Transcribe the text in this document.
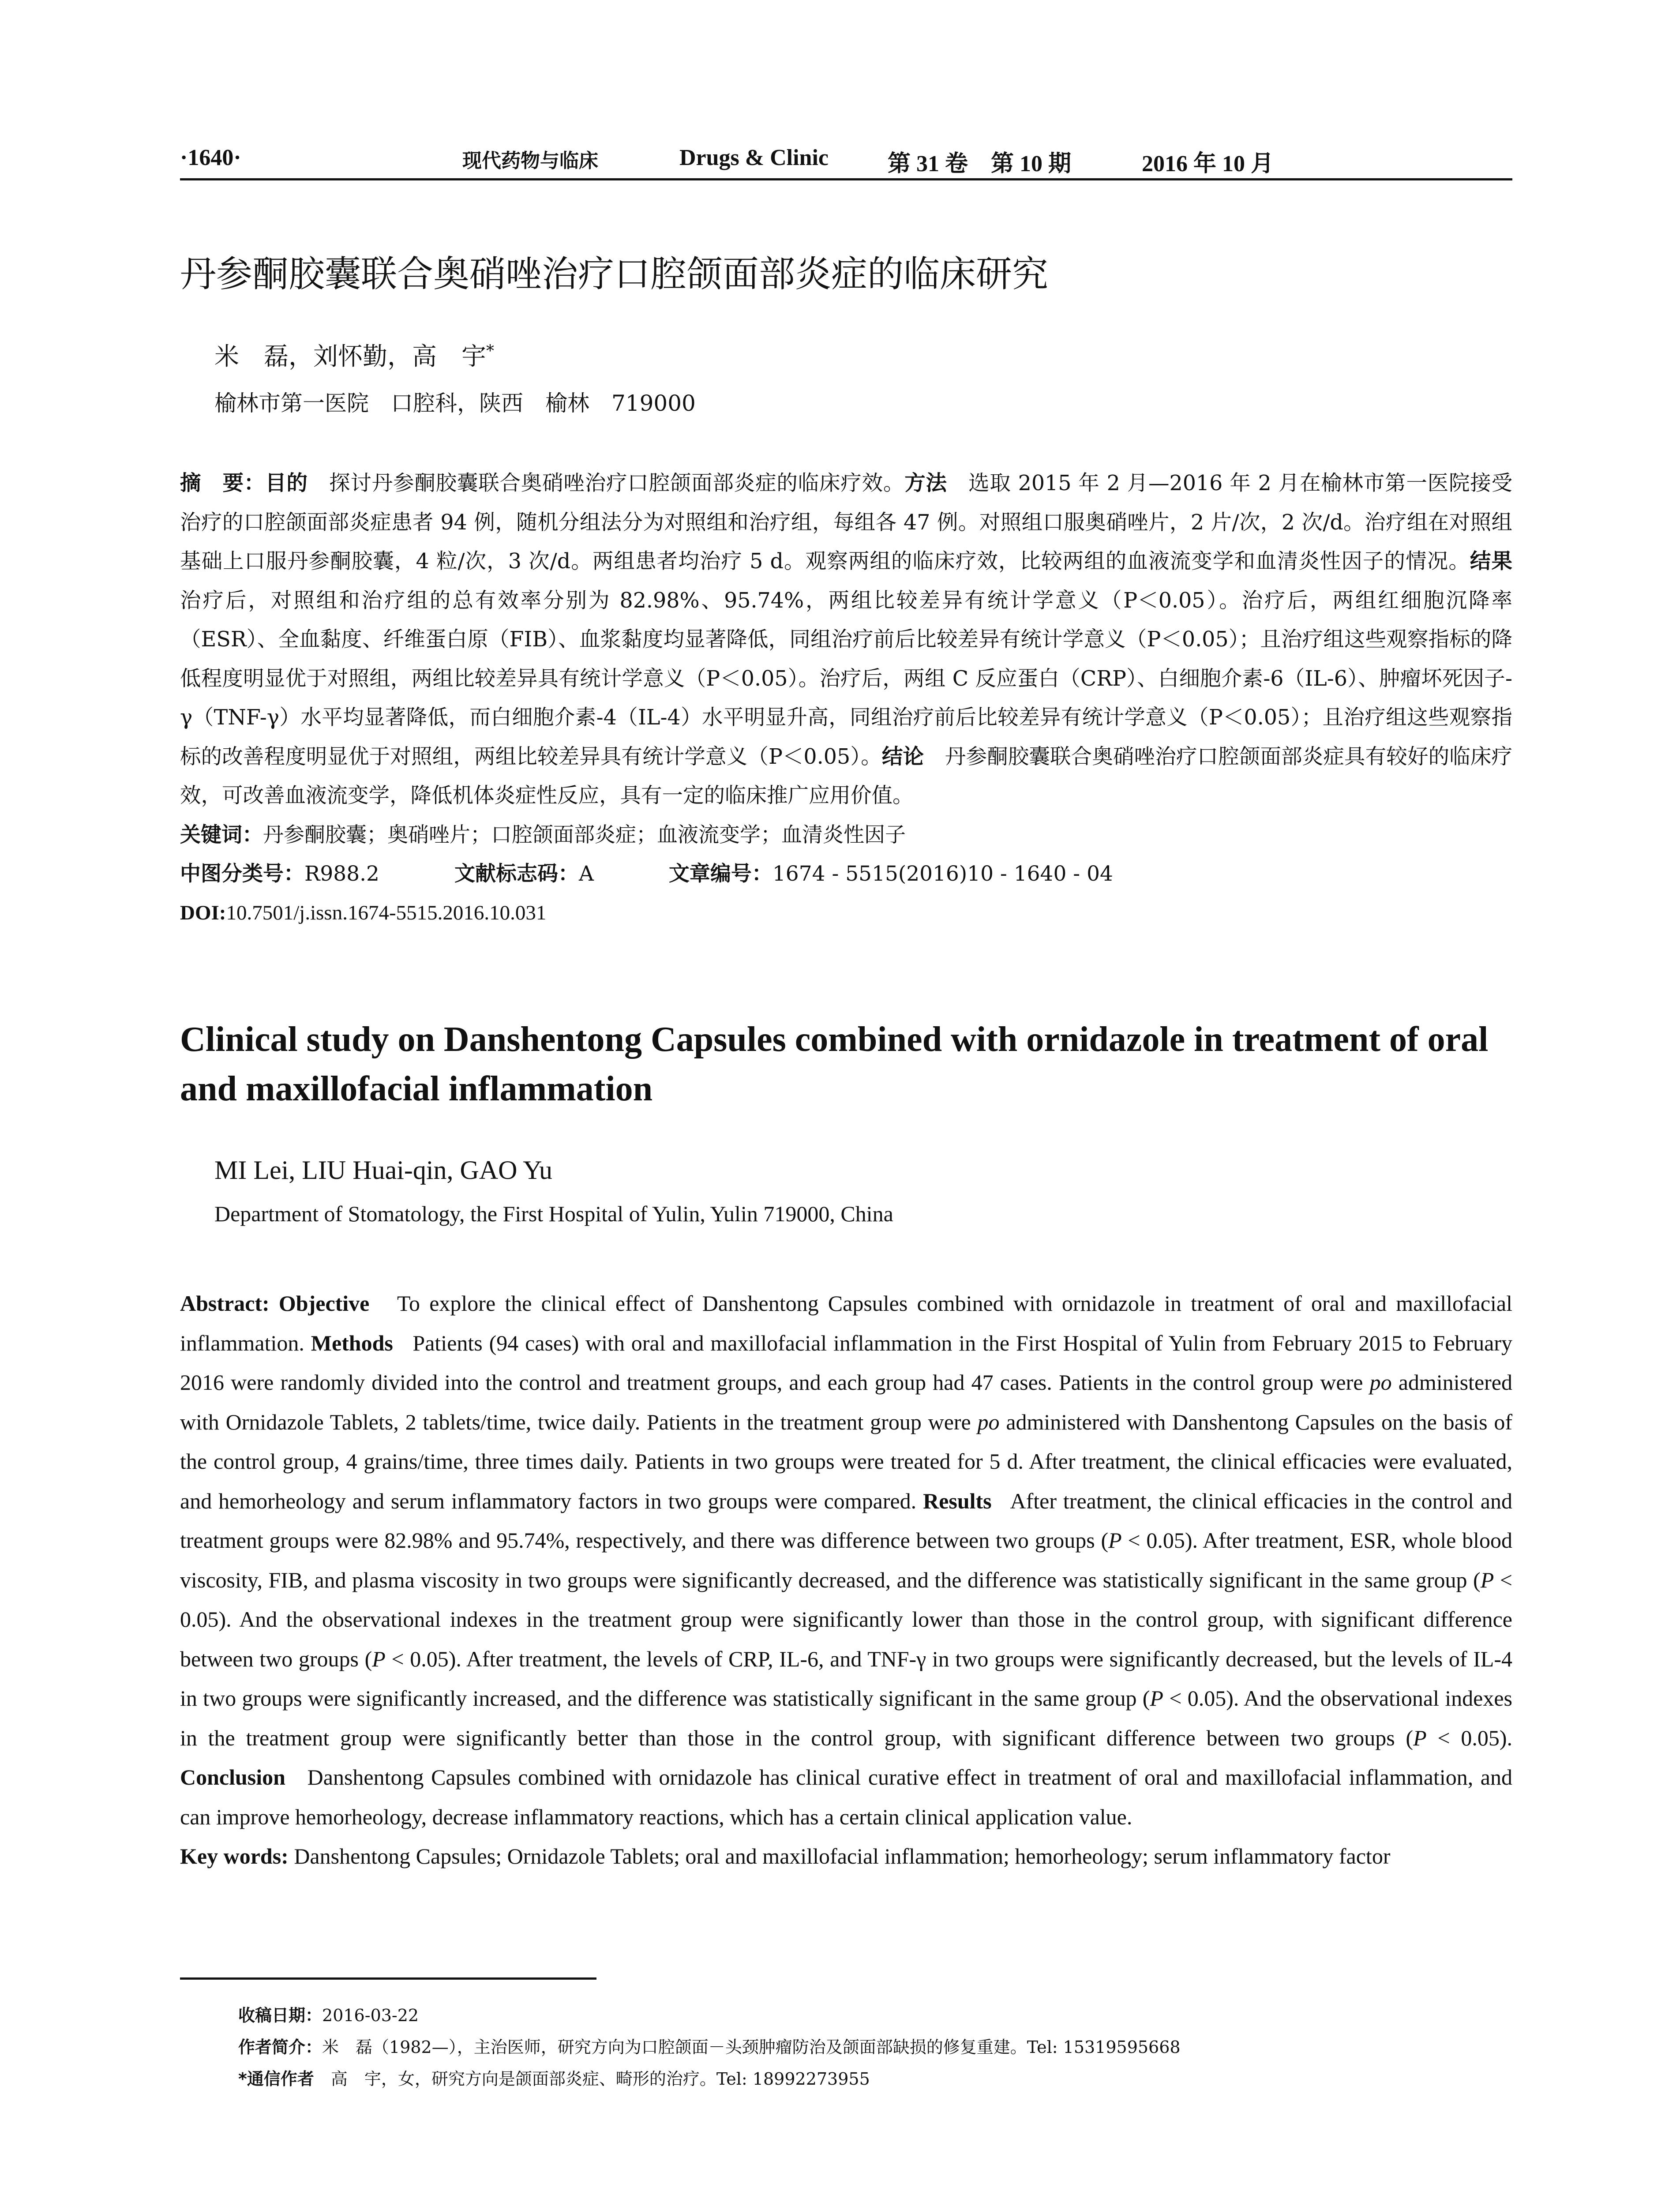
·1640·	现代药物与临床	Drugs & Clinic	第 31 卷　第 10 期	2016 年 10 月
丹参酮胶囊联合奥硝唑治疗口腔颌面部炎症的临床研究
米　磊，刘怀勤，高　宇*
榆林市第一医院　口腔科，陕西　榆林　719000
摘　要：目的　 探讨丹参酮胶囊联合奥硝唑治疗口腔颌面部炎症的临床疗效。方法　 选取 2015 年 2 月—2016 年 2 月在榆林市第一医院接受治疗的口腔颌面部炎症患者 94 例，随机分组法分为对照组和治疗组，每组各 47 例。对照组口服奥硝唑片，2 片/次，2 次/d。治疗组在对照组基础上口服丹参酮胶囊，4 粒/次，3 次/d。两组患者均治疗 5 d。观察两组的临床疗效，比较两组的血液流变学和血清炎性因子的情况。结果　治疗后，对照组和治疗组的总有效率分别为 82.98%、95.74%，两组比较差异有统计学意义（P＜0.05）。治疗后，两组红细胞沉降率（ESR）、全血黏度、纤维蛋白原（FIB）、血浆黏度均显著降低，同组治疗前后比较差异有统计学意义（P＜0.05）；且治疗组这些观察指标的降低程度明显优于对照组，两组比较差异具有统计学意义（P＜0.05）。治疗后，两组 C 反应蛋白（CRP）、白细胞介素-6（IL-6）、肿瘤坏死因子-γ（TNF-γ）水平均显著降低，而白细胞介素-4（IL-4）水平明显升高，同组治疗前后比较差异有统计学意义（P＜0.05）；且治疗组这些观察指标的改善程度明显优于对照组，两组比较差异具有统计学意义（P＜0.05）。结论　 丹参酮胶囊联合奥硝唑治疗口腔颌面部炎症具有较好的临床疗效，可改善血液流变学，降低机体炎症性反应，具有一定的临床推广应用价值。
关键词：丹参酮胶囊；奥硝唑片；口腔颌面部炎症；血液流变学；血清炎性因子
中图分类号：R988.2	文献标志码：A	文章编号：1674 - 5515(2016)10 - 1640 - 04
DOI:10.7501/j.issn.1674-5515.2016.10.031
Clinical study on Danshentong Capsules combined with ornidazole in treatment of oral and maxillofacial inflammation
MI Lei, LIU Huai-qin, GAO Yu
Department of Stomatology, the First Hospital of Yulin, Yulin 719000, China
Abstract: Objective To explore the clinical effect of Danshentong Capsules combined with ornidazole in treatment of oral and maxillofacial inflammation. Methods Patients (94 cases) with oral and maxillofacial inflammation in the First Hospital of Yulin from February 2015 to February 2016 were randomly divided into the control and treatment groups, and each group had 47 cases. Patients in the control group were po administered with Ornidazole Tablets, 2 tablets/time, twice daily. Patients in the treatment group were po administered with Danshentong Capsules on the basis of the control group, 4 grains/time, three times daily. Patients in two groups were treated for 5 d. After treatment, the clinical efficacies were evaluated, and hemorheology and serum inflammatory factors in two groups were compared. Results After treatment, the clinical efficacies in the control and treatment groups were 82.98% and 95.74%, respectively, and there was difference between two groups (P < 0.05). After treatment, ESR, whole blood viscosity, FIB, and plasma viscosity in two groups were significantly decreased, and the difference was statistically significant in the same group (P < 0.05). And the observational indexes in the treatment group were significantly lower than those in the control group, with significant difference between two groups (P < 0.05). After treatment, the levels of CRP, IL-6, and TNF-γ in two groups were significantly decreased, but the levels of IL-4 in two groups were significantly increased, and the difference was statistically significant in the same group (P < 0.05). And the observational indexes in the treatment group were significantly better than those in the control group, with significant difference between two groups (P < 0.05). Conclusion Danshentong Capsules combined with ornidazole has clinical curative effect in treatment of oral and maxillofacial inflammation, and can improve hemorheology, decrease inflammatory reactions, which has a certain clinical application value.
Key words: Danshentong Capsules; Ornidazole Tablets; oral and maxillofacial inflammation; hemorheology; serum inflammatory factor
收稿日期：2016-03-22
作者简介：米　磊（1982—），主治医师，研究方向为口腔颌面－头颈肿瘤防治及颌面部缺损的修复重建。Tel: 15319595668
*通信作者　 高　宇，女，研究方向是颌面部炎症、畸形的治疗。Tel: 18992273955
